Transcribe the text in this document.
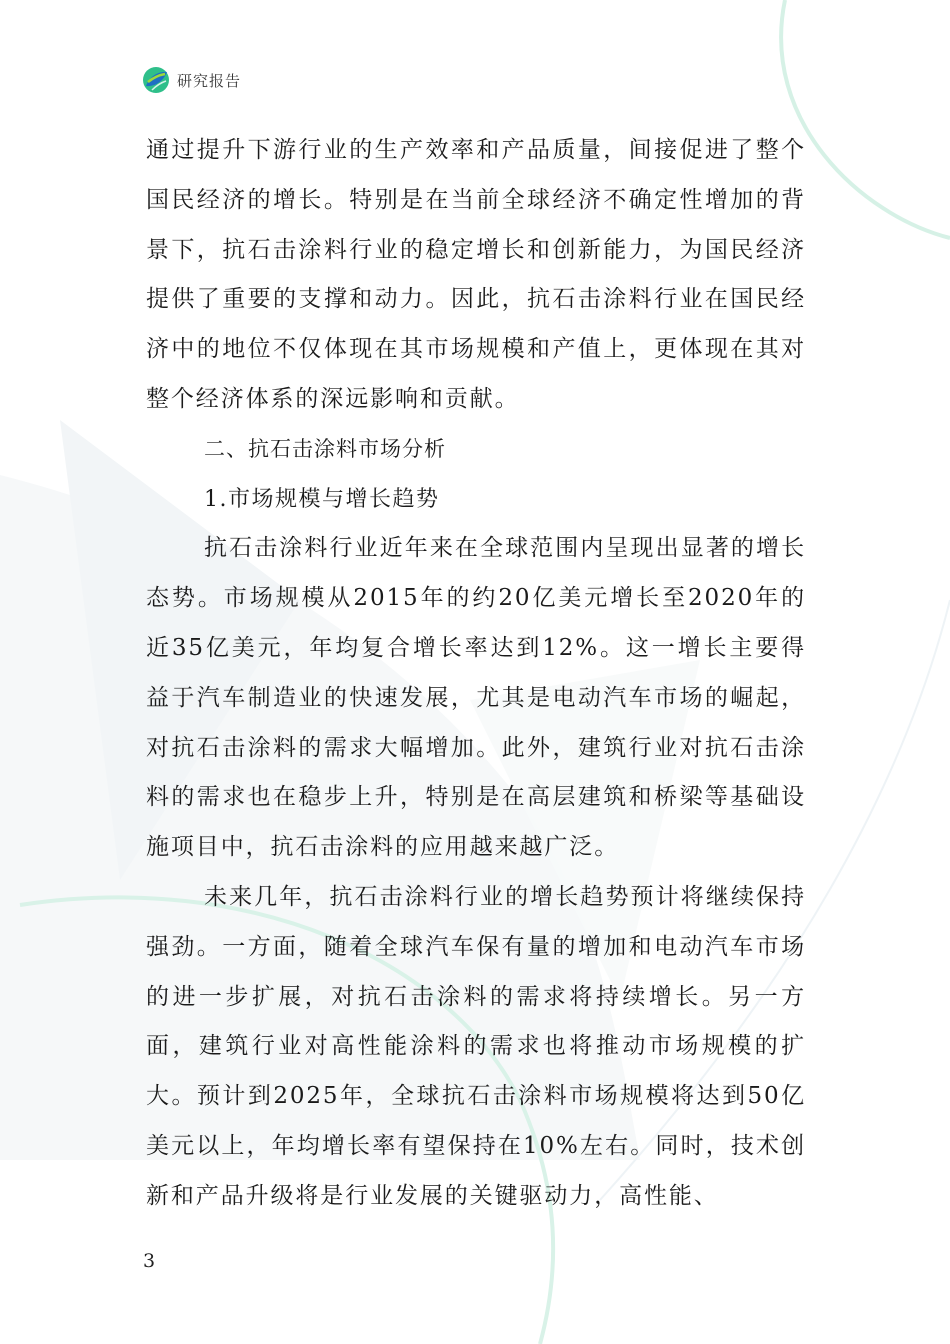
研究报告

通过提升下游行业的生产效率和产品质量，间接促进了整个国民经济的增长。特别是在当前全球经济不确定性增加的背景下，抗石击涂料行业的稳定增长和创新能力，为国民经济提供了重要的支撑和动力。因此，抗石击涂料行业在国民经济中的地位不仅体现在其市场规模和产值上，更体现在其对整个经济体系的深远影响和贡献。

二、抗石击涂料市场分析

1.市场规模与增长趋势

抗石击涂料行业近年来在全球范围内呈现出显著的增长态势。市场规模从2015年的约20亿美元增长至2020年的近35亿美元，年均复合增长率达到12%。这一增长主要得益于汽车制造业的快速发展，尤其是电动汽车市场的崛起，对抗石击涂料的需求大幅增加。此外，建筑行业对抗石击涂料的需求也在稳步上升，特别是在高层建筑和桥梁等基础设施项目中，抗石击涂料的应用越来越广泛。

未来几年，抗石击涂料行业的增长趋势预计将继续保持强劲。一方面，随着全球汽车保有量的增加和电动汽车市场的进一步扩展，对抗石击涂料的需求将持续增长。另一方面，建筑行业对高性能涂料的需求也将推动市场规模的扩大。预计到2025年，全球抗石击涂料市场规模将达到50亿美元以上，年均增长率有望保持在10%左右。同时，技术创新和产品升级将是行业发展的关键驱动力，高性能、

3
